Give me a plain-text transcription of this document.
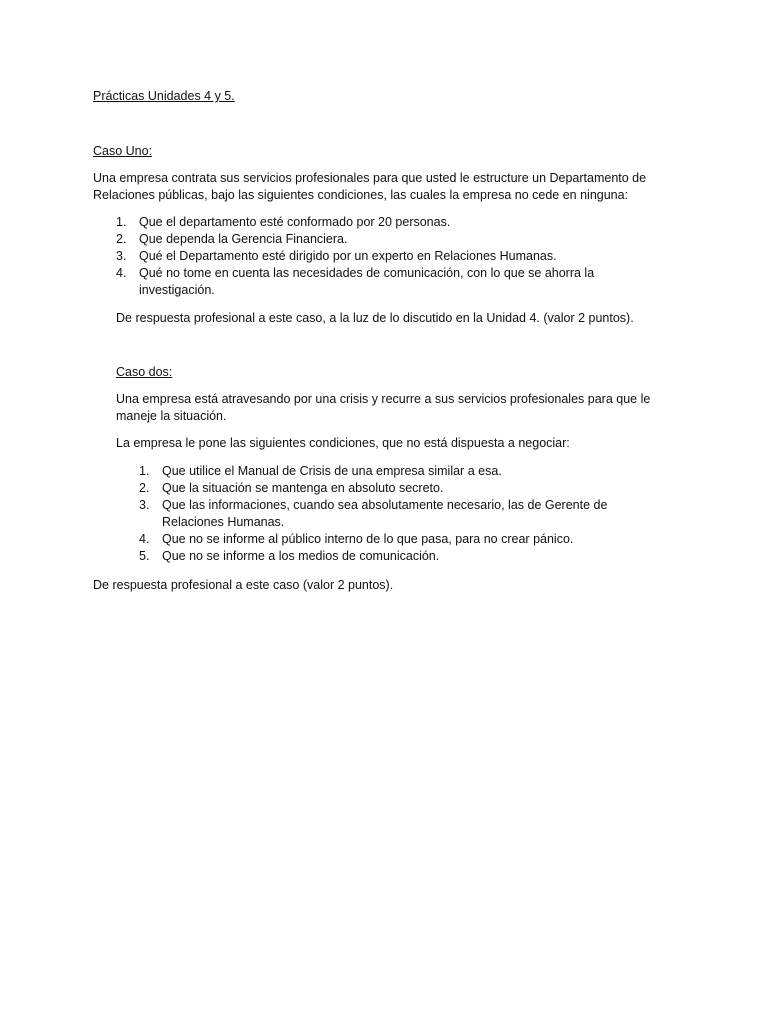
Prácticas Unidades 4 y 5.
Caso Uno:

Una empresa contrata sus servicios profesionales para que usted le estructure un Departamento de Relaciones públicas, bajo las siguientes condiciones, las cuales la empresa no cede en ninguna:

1.	Que el departamento esté conformado por 20 personas.
2.	Que dependa la Gerencia Financiera.
3.	Qué el Departamento esté dirigido por un experto en Relaciones Humanas.
4.	Qué no tome en cuenta las necesidades de comunicación, con lo que se ahorra la investigación.

De respuesta profesional a este caso, a la luz de lo discutido en la Unidad 4. (valor 2 puntos).

Caso dos:

Una empresa está atravesando por una crisis y recurre a sus servicios profesionales para que le maneje la situación.

La empresa le pone las siguientes condiciones, que no está dispuesta a negociar:

1.	Que utilice el Manual de Crisis de una empresa similar a esa.
2.	Que la situación se mantenga en absoluto secreto.
3.	Que las informaciones, cuando sea absolutamente necesario, las de Gerente de Relaciones Humanas.
4.	Que no se informe al público interno de lo que pasa, para no crear pánico.
5.	Que no se informe a los medios de comunicación.

De respuesta profesional a este caso (valor 2 puntos).
